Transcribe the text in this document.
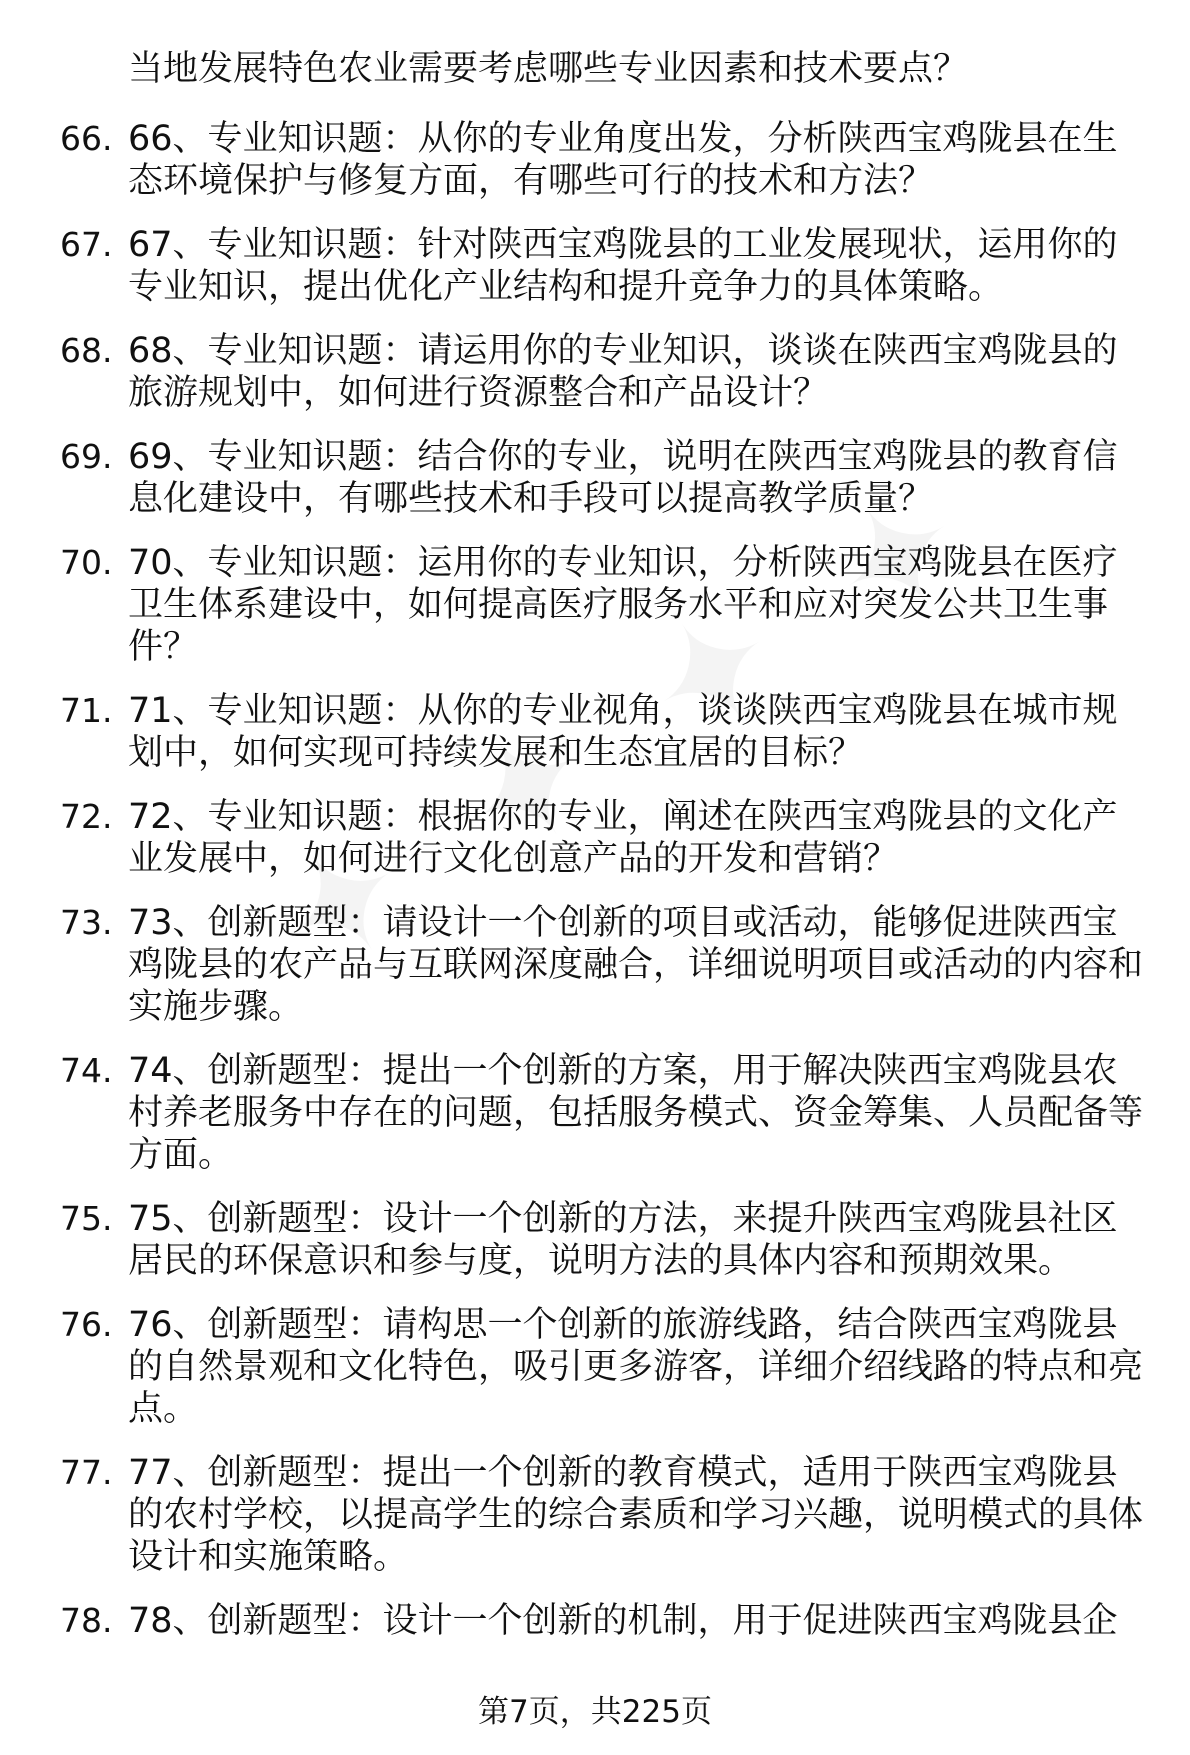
当地发展特色农业需要考虑哪些专业因素和技术要点？
66. 66、专业知识题：从你的专业角度出发，分析陕西宝鸡陇县在生态环境保护与修复方面，有哪些可行的技术和方法？
67. 67、专业知识题：针对陕西宝鸡陇县的工业发展现状，运用你的专业知识，提出优化产业结构和提升竞争力的具体策略。
68. 68、专业知识题：请运用你的专业知识，谈谈在陕西宝鸡陇县的旅游规划中，如何进行资源整合和产品设计？
69. 69、专业知识题：结合你的专业，说明在陕西宝鸡陇县的教育信息化建设中，有哪些技术和手段可以提高教学质量？
70. 70、专业知识题：运用你的专业知识，分析陕西宝鸡陇县在医疗卫生体系建设中，如何提高医疗服务水平和应对突发公共卫生事件？
71. 71、专业知识题：从你的专业视角，谈谈陕西宝鸡陇县在城市规划中，如何实现可持续发展和生态宜居的目标？
72. 72、专业知识题：根据你的专业，阐述在陕西宝鸡陇县的文化产业发展中，如何进行文化创意产品的开发和营销？
73. 73、创新题型：请设计一个创新的项目或活动，能够促进陕西宝鸡陇县的农产品与互联网深度融合，详细说明项目或活动的内容和实施步骤。
74. 74、创新题型：提出一个创新的方案，用于解决陕西宝鸡陇县农村养老服务中存在的问题，包括服务模式、资金筹集、人员配备等方面。
75. 75、创新题型：设计一个创新的方法，来提升陕西宝鸡陇县社区居民的环保意识和参与度，说明方法的具体内容和预期效果。
76. 76、创新题型：请构思一个创新的旅游线路，结合陕西宝鸡陇县的自然景观和文化特色，吸引更多游客，详细介绍线路的特点和亮点。
77. 77、创新题型：提出一个创新的教育模式，适用于陕西宝鸡陇县的农村学校，以提高学生的综合素质和学习兴趣，说明模式的具体设计和实施策略。
78. 78、创新题型：设计一个创新的机制，用于促进陕西宝鸡陇县企
第7页，共225页
